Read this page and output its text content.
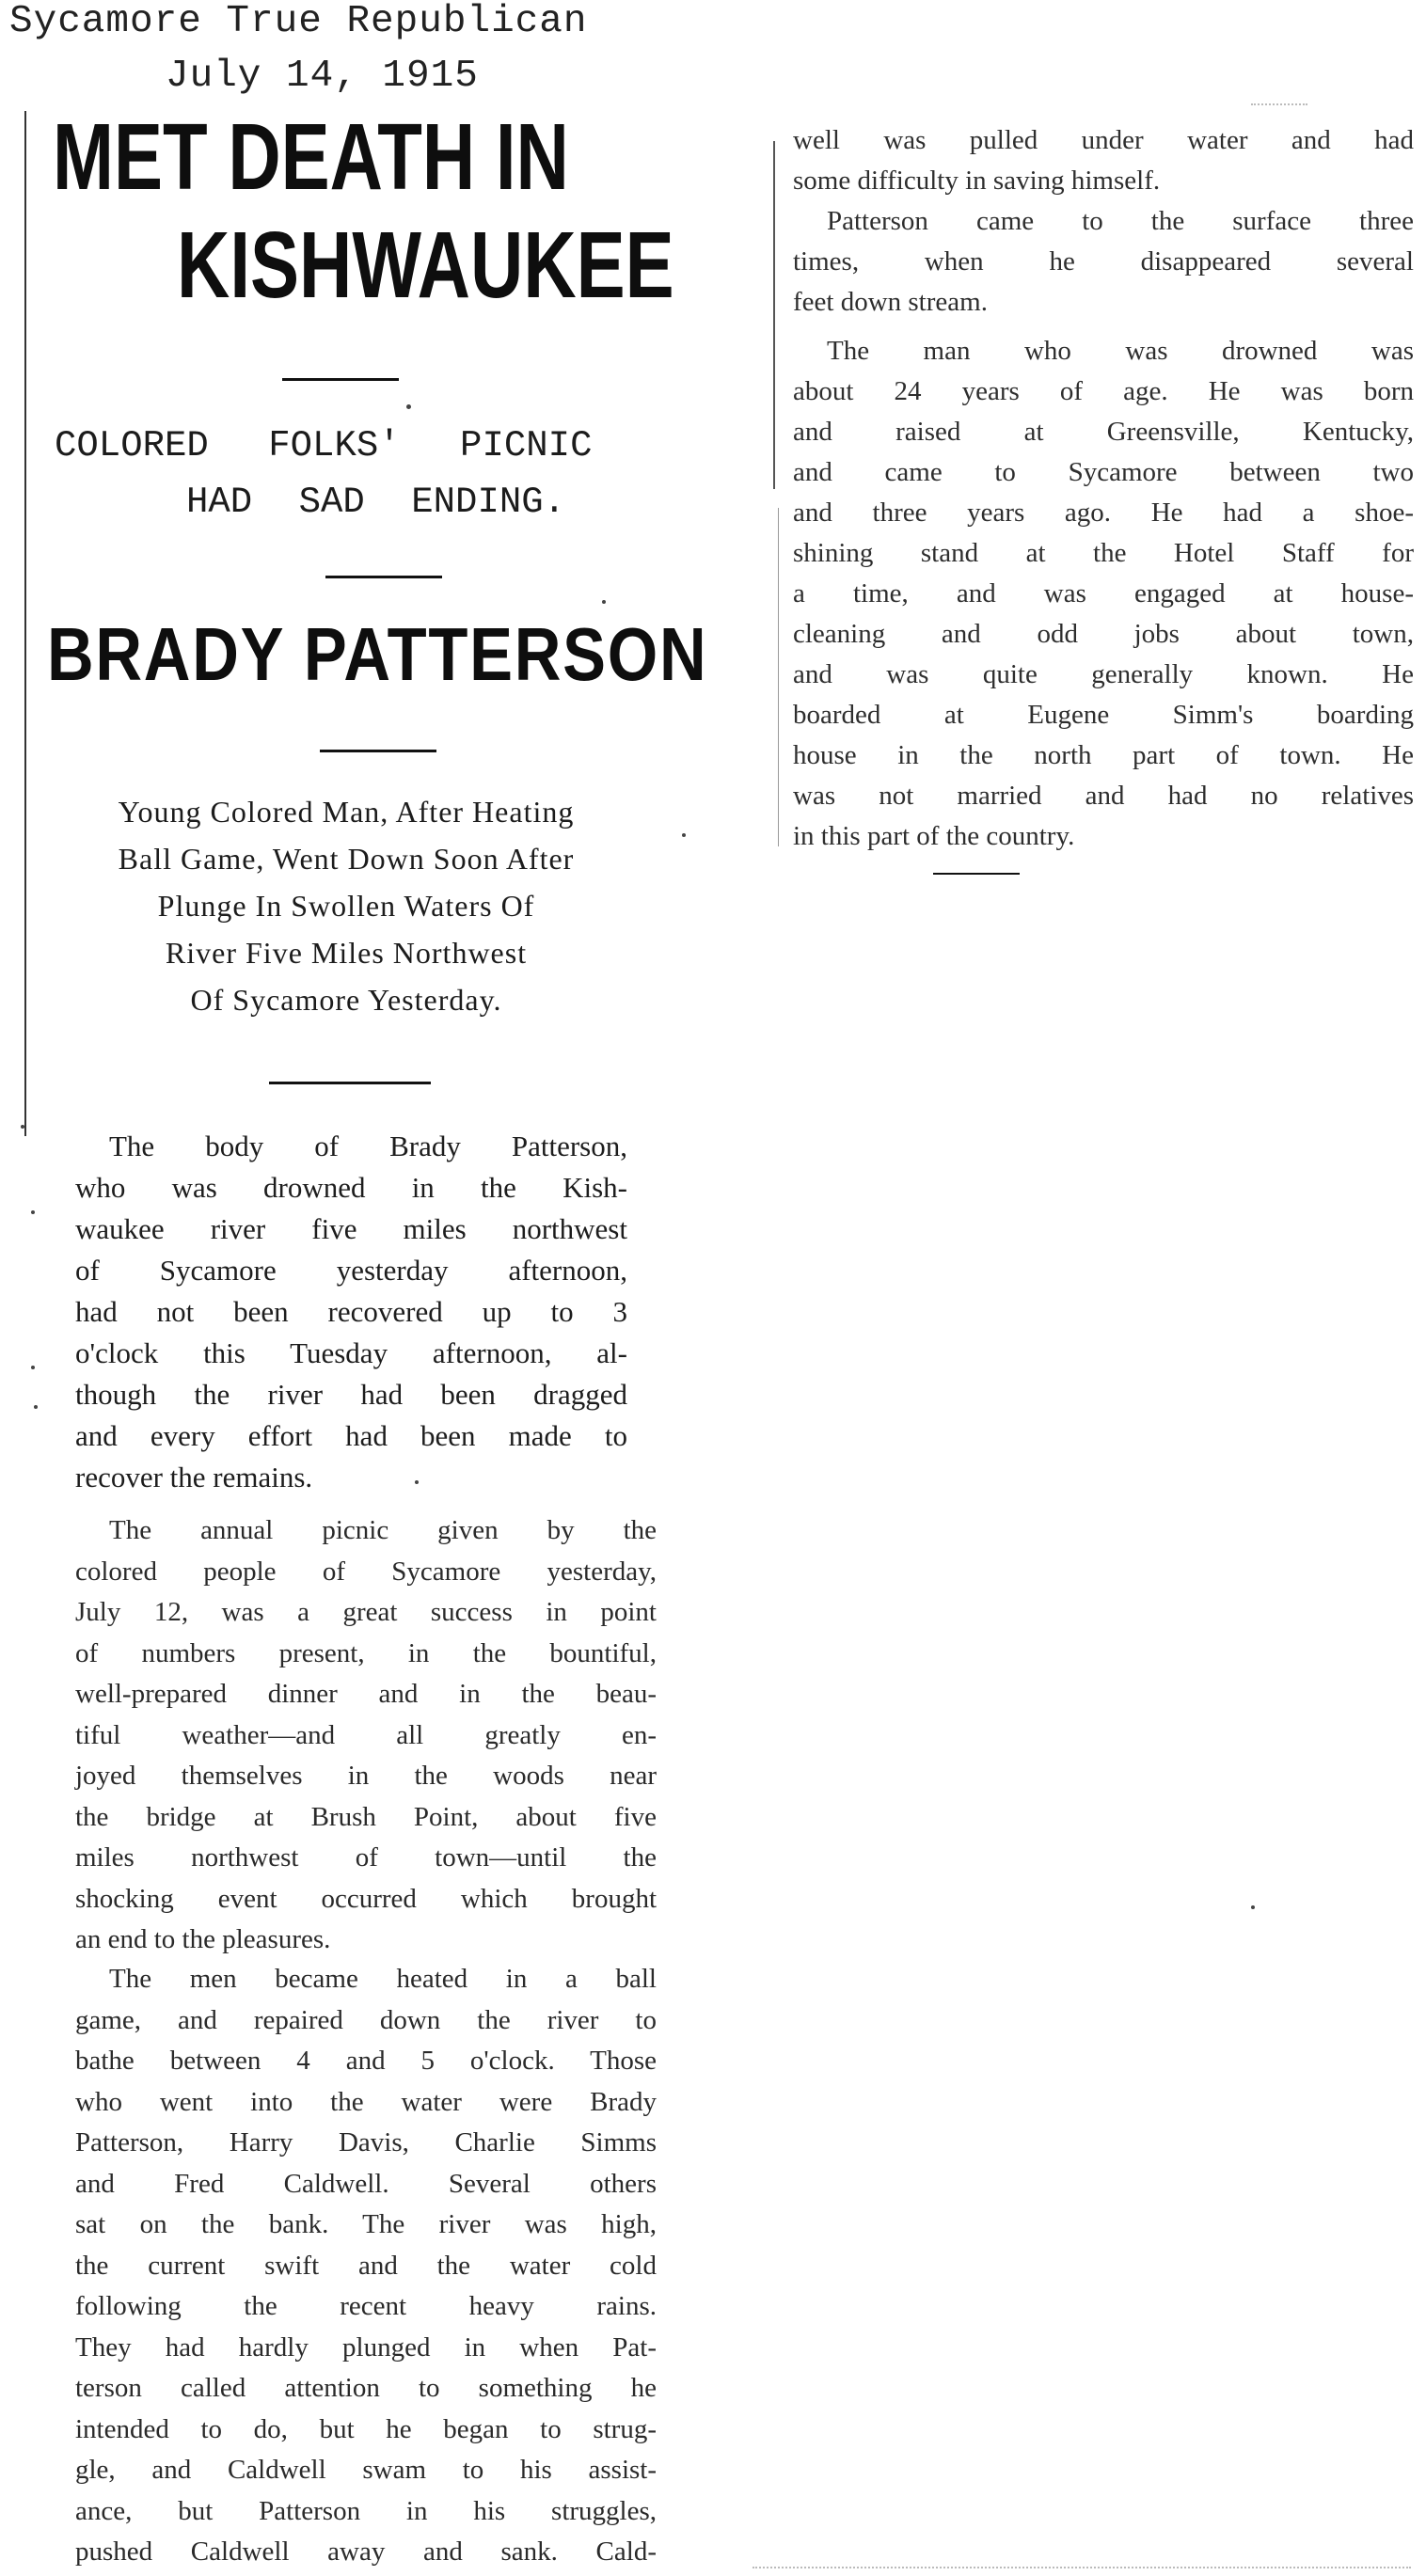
Sycamore True Republican
July 14, 1915
MET DEATH IN
KISHWAUKEE
COLORED FOLKS' PICNIC
HAD SAD ENDING.
BRADY PATTERSON
Young Colored Man, After Heating
Ball Game, Went Down Soon After
Plunge In Swollen Waters Of
River Five Miles Northwest
Of Sycamore Yesterday.
The body of Brady Patterson,
who was drowned in the Kish-
waukee river five miles northwest
of Sycamore yesterday afternoon,
had not been recovered up to 3
o'clock this Tuesday afternoon, al-
though the river had been dragged
and every effort had been made to
recover the remains.
The annual picnic given by the
colored people of Sycamore yesterday,
July 12, was a great success in point
of numbers present, in the bountiful,
well-prepared dinner and in the beau-
tiful weather—and all greatly en-
joyed themselves in the woods near
the bridge at Brush Point, about five
miles northwest of town—until the
shocking event occurred which brought
an end to the pleasures.
The men became heated in a ball
game, and repaired down the river to
bathe between 4 and 5 o'clock. Those
who went into the water were Brady
Patterson, Harry Davis, Charlie Simms
and Fred Caldwell. Several others
sat on the bank. The river was high,
the current swift and the water cold
following the recent heavy rains.
They had hardly plunged in when Pat-
terson called attention to something he
intended to do, but he began to strug-
gle, and Caldwell swam to his assist-
ance, but Patterson in his struggles,
pushed Caldwell away and sank. Cald-
well was pulled under water and had
some difficulty in saving himself.
Patterson came to the surface three
times, when he disappeared several
feet down stream.
The man who was drowned was
about 24 years of age. He was born
and raised at Greensville, Kentucky,
and came to Sycamore between two
and three years ago. He had a shoe-
shining stand at the Hotel Staff for
a time, and was engaged at house-
cleaning and odd jobs about town,
and was quite generally known. He
boarded at Eugene Simm's boarding
house in the north part of town. He
was not married and had no relatives
in this part of the country.
